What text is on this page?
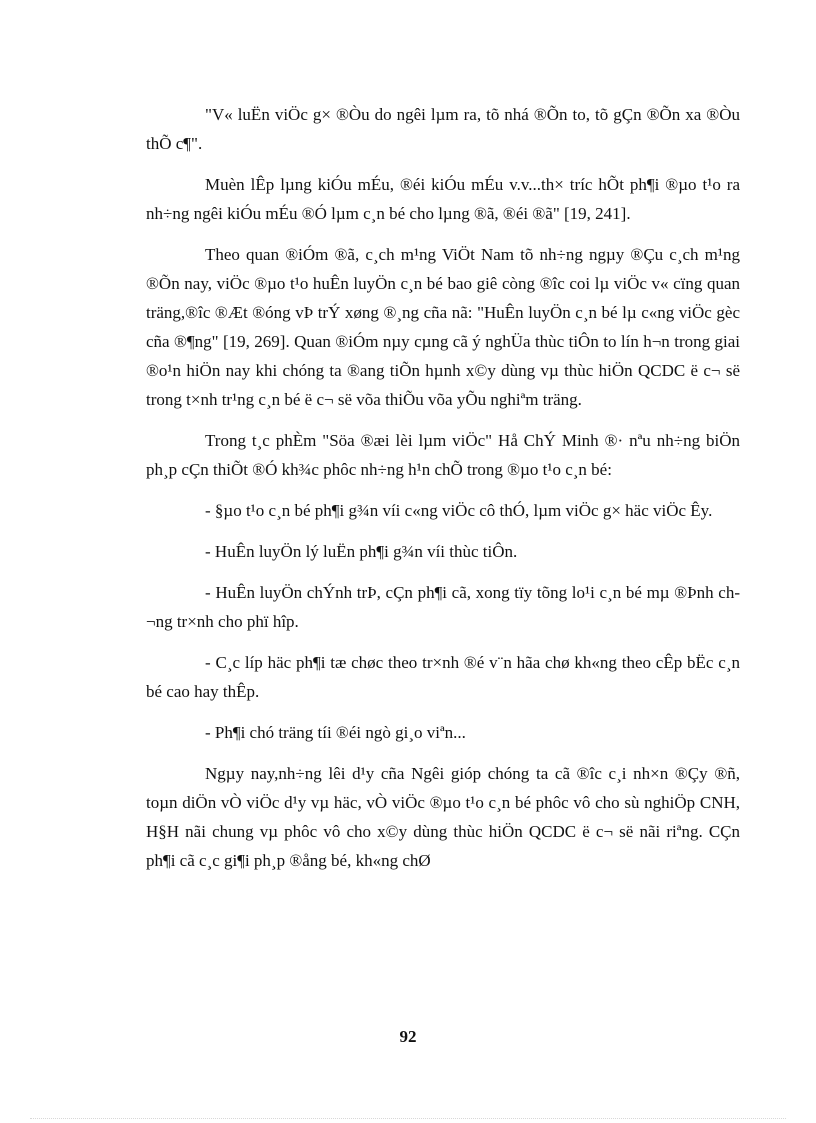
"V« luËn viÖc g× ®Òu do ngêi lµm ra, tõ nhá ®Õn to, tõ gÇn ®Õn xa ®Òu thÕ c¶".

Muèn lÊp lµng kiÓu mÉu, ®éi kiÓu mÉu v.v...th× tríc hÕt ph¶i ®µo t¹o ra nh÷ng ngêi kiÓu mÉu ®Ó lµm c¸n bé cho lµng ®ã, ®éi ®ã" [19, 241].

Theo quan ®iÓm ®ã, c¸ch m¹ng ViÖt Nam tõ nh÷ng ngµy ®Çu c¸ch m¹ng ®Õn nay, viÖc ®µo t¹o huÊn luyÖn c¸n bé bao giê còng ®îc coi lµ viÖc v« cïng quan träng,®îc ®Æt ®óng vÞ trÝ xøng ®¸ng cña nã: "HuÊn luyÖn c¸n bé lµ c«ng viÖc gèc cña ®¶ng" [19, 269]. Quan ®iÓm nµy cµng cã ý nghÜa thùc tiÔn to lín h¬n trong giai ®o¹n hiÖn nay khi chóng ta ®ang tiÕn hµnh x©y dùng vµ thùc hiÖn QCDC ë c¬ së trong t×nh tr¹ng c¸n bé ë c¬ së võa thiÕu võa yÕu nghiªm träng.

Trong t¸c phÈm "Söa ®æi lèi lµm viÖc" Hå ChÝ Minh ®· nªu nh÷ng biÖn ph¸p cÇn thiÕt ®Ó kh¾c phôc nh÷ng h¹n chÕ trong ®µo t¹o c¸n bé:

- §µo t¹o c¸n bé ph¶i g¾n víi c«ng viÖc cô thÓ, lµm viÖc g× häc viÖc Êy.

- HuÊn luyÖn lý luËn ph¶i g¾n víi thùc tiÔn.

- HuÊn luyÖn chÝnh trÞ, cÇn ph¶i cã, xong tïy tõng lo¹i c¸n bé mµ ®Þnh ch¬ng tr×nh cho phï hîp.

- C¸c líp häc ph¶i tæ chøc theo tr×nh ®é v¨n hãa chø kh«ng theo cÊp bËc c¸n bé cao hay thÊp.

- Ph¶i chó träng tíi ®éi ngò gi¸o viªn...

Ngµy nay,nh÷ng lêi d¹y cña Ngêi gióp chóng ta cã ®îc c¸i nh×n ®Çy ®ñ, toµn diÖn vÒ viÖc d¹y vµ häc, vÒ viÖc ®µo t¹o c¸n bé phôc vô cho sù nghiÖp CNH, H§H nãi chung vµ phôc vô cho x©y dùng thùc hiÖn QCDC ë c¬ së nãi riªng. CÇn ph¶i cã c¸c gi¶i ph¸p ®ång bé, kh«ng chØ

92
